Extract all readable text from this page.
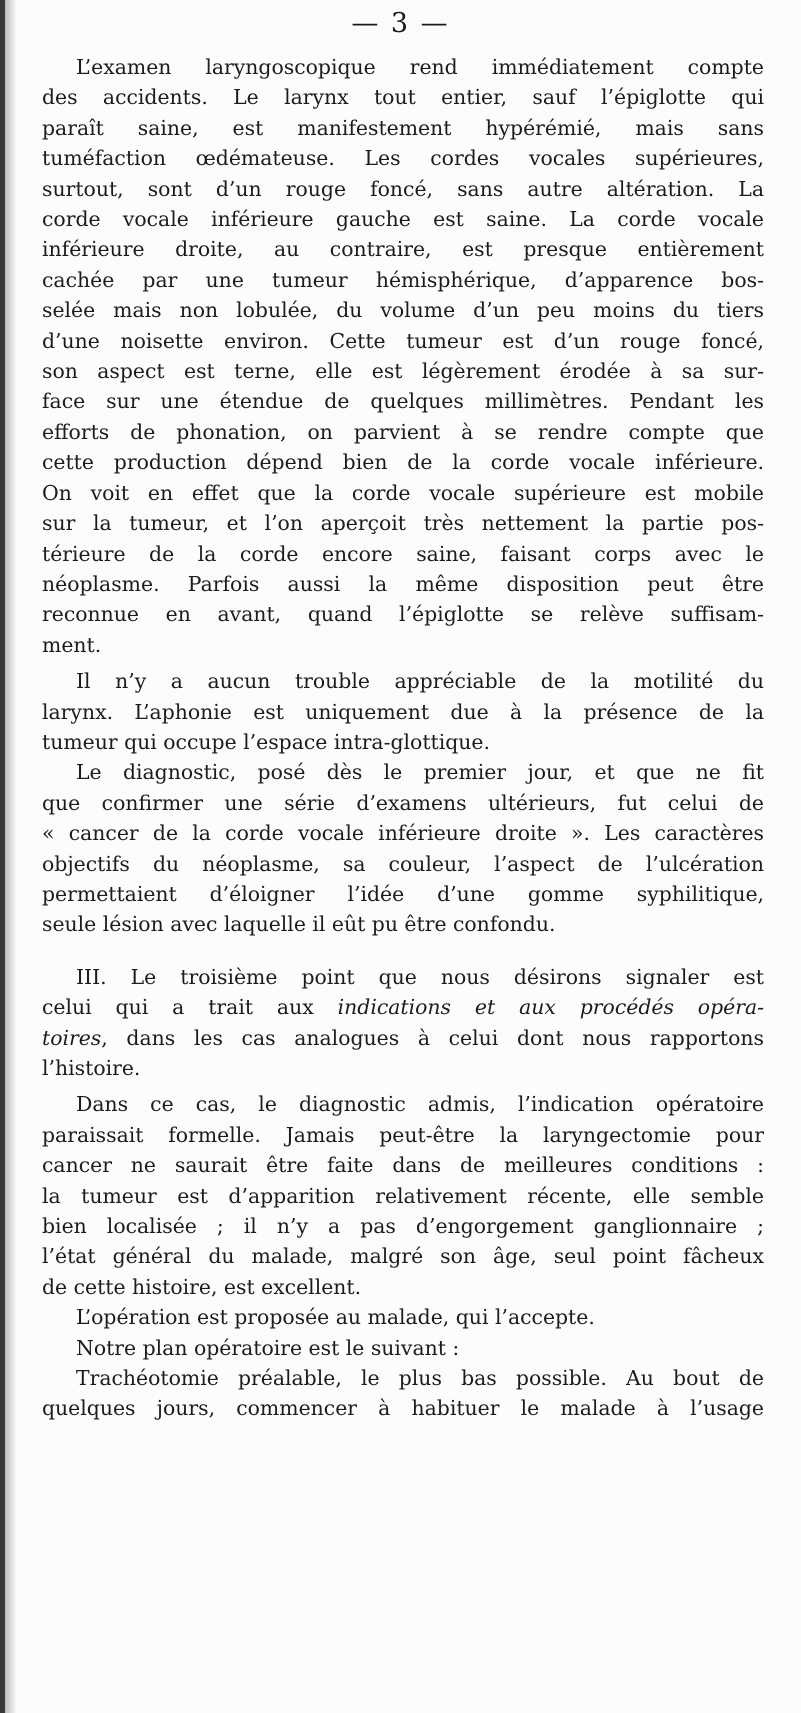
— 3 —
L’examen laryngoscopique rend immédiatement compte
des accidents. Le larynx tout entier, sauf l’épiglotte qui
paraît saine, est manifestement hypérémié, mais sans
tuméfaction œdémateuse. Les cordes vocales supérieures,
surtout, sont d’un rouge foncé, sans autre altération. La
corde vocale inférieure gauche est saine. La corde vocale
inférieure droite, au contraire, est presque entièrement
cachée par une tumeur hémisphérique, d’apparence bos-
selée mais non lobulée, du volume d’un peu moins du tiers
d’une noisette environ. Cette tumeur est d’un rouge foncé,
son aspect est terne, elle est légèrement érodée à sa sur-
face sur une étendue de quelques millimètres. Pendant les
efforts de phonation, on parvient à se rendre compte que
cette production dépend bien de la corde vocale inférieure.
On voit en effet que la corde vocale supérieure est mobile
sur la tumeur, et l’on aperçoit très nettement la partie pos-
térieure de la corde encore saine, faisant corps avec le
néoplasme. Parfois aussi la même disposition peut être
reconnue en avant, quand l’épiglotte se relève suffisam-
ment.
Il n’y a aucun trouble appréciable de la motilité du
larynx. L’aphonie est uniquement due à la présence de la
tumeur qui occupe l’espace intra-glottique.
Le diagnostic, posé dès le premier jour, et que ne fit
que confirmer une série d’examens ultérieurs, fut celui de
« cancer de la corde vocale inférieure droite ». Les caractères
objectifs du néoplasme, sa couleur, l’aspect de l’ulcération
permettaient d’éloigner l’idée d’une gomme syphilitique,
seule lésion avec laquelle il eût pu être confondu.
III. Le troisième point que nous désirons signaler est
celui qui a trait aux indications et aux procédés opéra-
toires, dans les cas analogues à celui dont nous rapportons
l’histoire.
Dans ce cas, le diagnostic admis, l’indication opératoire
paraissait formelle. Jamais peut-être la laryngectomie pour
cancer ne saurait être faite dans de meilleures conditions :
la tumeur est d’apparition relativement récente, elle semble
bien localisée ; il n’y a pas d’engorgement ganglionnaire ;
l’état général du malade, malgré son âge, seul point fâcheux
de cette histoire, est excellent.
L’opération est proposée au malade, qui l’accepte.
Notre plan opératoire est le suivant :
Trachéotomie préalable, le plus bas possible. Au bout de
quelques jours, commencer à habituer le malade à l’usage
